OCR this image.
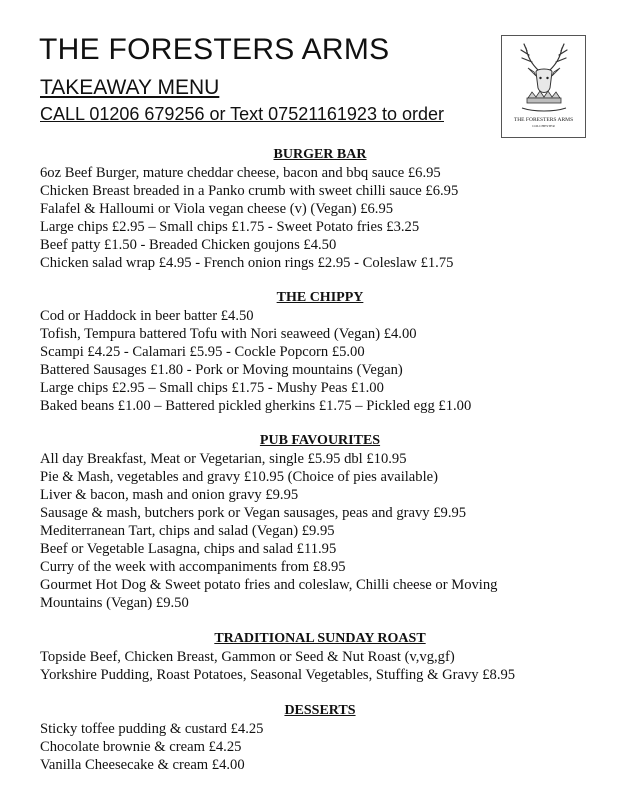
THE FORESTERS ARMS
TAKEAWAY MENU
CALL 01206 679256 or Text 07521161923 to order	THE FORESTERS ARMS
COLCHESTER
BURGER BAR
6oz Beef Burger, mature cheddar cheese, bacon and bbq sauce £6.95
Chicken Breast breaded in a Panko crumb with sweet chilli sauce £6.95
Falafel & Halloumi or Viola vegan cheese (v) (Vegan) £6.95
Large chips £2.95 – Small chips £1.75 - Sweet Potato fries £3.25
Beef patty £1.50 - Breaded Chicken goujons £4.50
Chicken salad wrap £4.95 - French onion rings £2.95 - Coleslaw £1.75
THE CHIPPY
Cod or Haddock in beer batter £4.50
Tofish, Tempura battered Tofu with Nori seaweed (Vegan) £4.00
Scampi £4.25 - Calamari £5.95 - Cockle Popcorn £5.00
Battered Sausages £1.80 - Pork or Moving mountains (Vegan)
Large chips £2.95 – Small chips £1.75 - Mushy Peas £1.00
Baked beans £1.00 – Battered pickled gherkins £1.75 – Pickled egg £1.00
PUB FAVOURITES
All day Breakfast, Meat or Vegetarian, single £5.95 dbl £10.95
Pie & Mash, vegetables and gravy £10.95 (Choice of pies available)
Liver & bacon, mash and onion gravy £9.95
Sausage & mash, butchers pork or Vegan sausages, peas and gravy £9.95
Mediterranean Tart, chips and salad (Vegan) £9.95
Beef or Vegetable Lasagna, chips and salad £11.95
Curry of the week with accompaniments from £8.95
Gourmet Hot Dog & Sweet potato fries and coleslaw, Chilli cheese or Moving Mountains (Vegan) £9.50
TRADITIONAL SUNDAY ROAST
Topside Beef, Chicken Breast, Gammon or Seed & Nut Roast (v,vg,gf)
Yorkshire Pudding, Roast Potatoes, Seasonal Vegetables, Stuffing & Gravy £8.95
DESSERTS
Sticky toffee pudding & custard £4.25
Chocolate brownie & cream £4.25
Vanilla Cheesecake & cream £4.00
